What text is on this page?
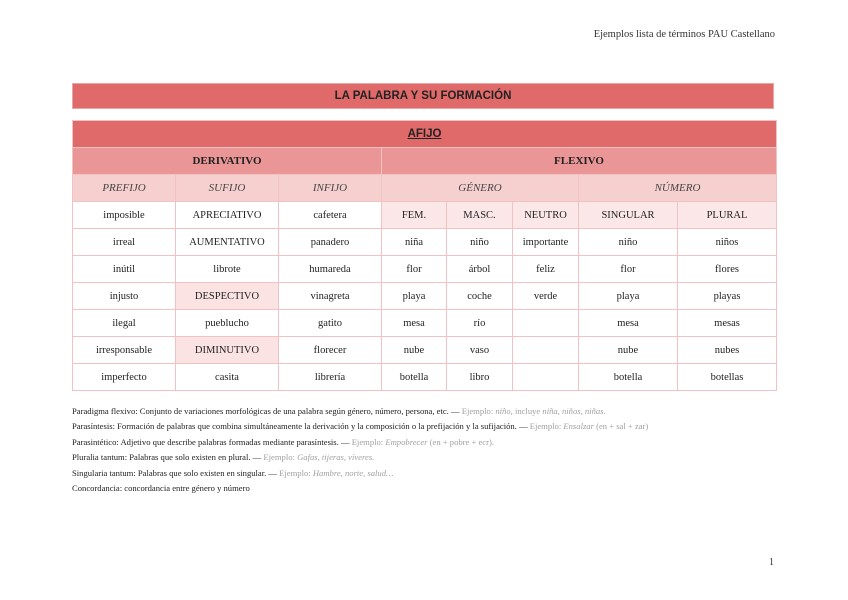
Ejemplos lista de términos PAU Castellano
LA PALABRA Y SU FORMACIÓN
AFIJO							
DERIVATIVO			FLEXIVO				
PREFIJO	SUFIJO	INFIJO	GÉNERO			NÚMERO	
imposible	APRECIATIVO	cafetera	FEM.	MASC.	NEUTRO	SINGULAR	PLURAL
irreal	AUMENTATIVO	panadero	niña	niño	importante	niño	niños
inútil	librote	humareda	flor	árbol	feliz	flor	flores
injusto	DESPECTIVO	vinagreta	playa	coche	verde	playa	playas
ilegal	pueblucho	gatito	mesa	río		mesa	mesas
irresponsable	DIMINUTIVO	florecer	nube	vaso		nube	nubes
imperfecto	casita	librería	botella	libro		botella	botellas
Paradigma flexivo: Conjunto de variaciones morfológicas de una palabra según género, número, persona, etc. — Ejemplo: niño, incluye niña, niños, niñas.
Parasíntesis: Formación de palabras que combina simultáneamente la derivación y la composición o la prefijación y la sufijación. — Ejemplo: Ensalzar (en + sal + zar)
Parasintético: Adjetivo que describe palabras formadas mediante parasíntesis. — Ejemplo: Empobrecer (en + pobre + ecr).
Pluralia tantum: Palabras que solo existen en plural. — Ejemplo: Gafas, tijeras, víveres.
Singularia tantum: Palabras que solo existen en singular. — Ejemplo: Hambre, norte, salud…
Concordancia: concordancia entre género y número
1
